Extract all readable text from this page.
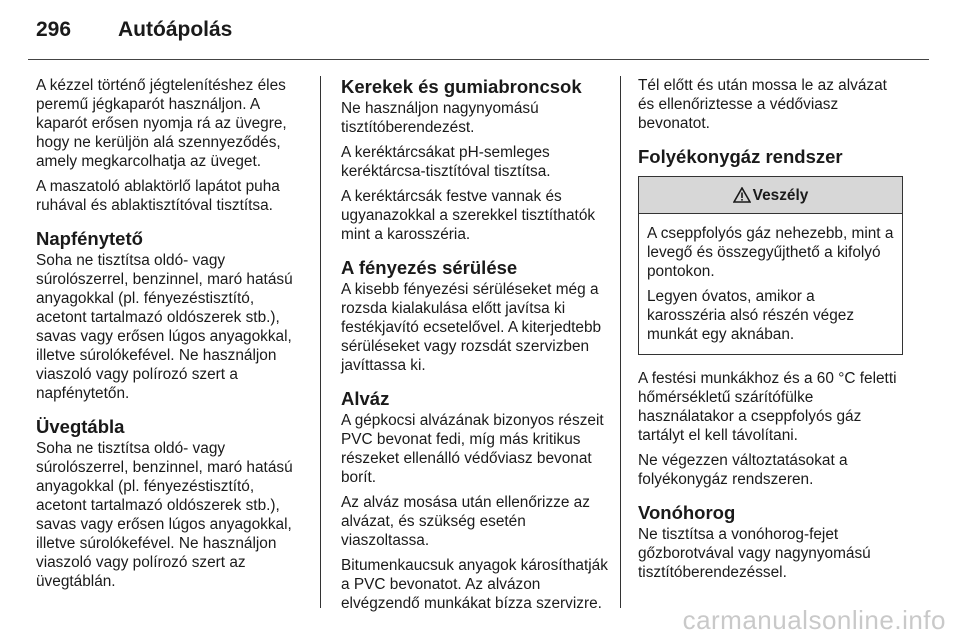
296	Autóápolás

A kézzel történő jégtelenítéshez éles peremű jégkaparót használjon. A kaparót erősen nyomja rá az üvegre, hogy ne kerüljön alá szennyeződés, amely megkarcolhatja az üveget.

A maszatoló ablaktörlő lapátot puha ruhával és ablaktisztítóval tisztítsa.

Napfénytető

Soha ne tisztítsa oldó- vagy súrolószerrel, benzinnel, maró hatású anyagokkal (pl. fényezéstisztító, acetont tartalmazó oldószerek stb.), savas vagy erősen lúgos anyagokkal, illetve súrolókefével. Ne használjon viaszoló vagy polírozó szert a napfénytetőn.

Üvegtábla

Soha ne tisztítsa oldó- vagy súrolószerrel, benzinnel, maró hatású anyagokkal (pl. fényezéstisztító, acetont tartalmazó oldószerek stb.), savas vagy erősen lúgos anyagokkal, illetve súrolókefével. Ne használjon viaszoló vagy polírozó szert az üvegtáblán.

Kerekek és gumiabroncsok

Ne használjon nagynyomású tisztítóberendezést.

A keréktárcsákat pH-semleges keréktárcsa-tisztítóval tisztítsa.

A keréktárcsák festve vannak és ugyanazokkal a szerekkel tisztíthatók mint a karosszéria.

A fényezés sérülése

A kisebb fényezési sérüléseket még a rozsda kialakulása előtt javítsa ki festékjavító ecsetelővel. A kiterjedtebb sérüléseket vagy rozsdát szervizben javíttassa ki.

Alváz

A gépkocsi alvázának bizonyos részeit PVC bevonat fedi, míg más kritikus részeket ellenálló védőviasz bevonat borít.

Az alváz mosása után ellenőrizze az alvázat, és szükség esetén viaszoltassa.

Bitumenkaucsuk anyagok károsíthatják a PVC bevonatot. Az alvázon elvégzendő munkákat bízza szervizre.

Tél előtt és után mossa le az alvázat és ellenőriztesse a védőviasz bevonatot.

Folyékonygáz rendszer
Veszély

A cseppfolyós gáz nehezebb, mint a levegő és összegyűjthető a kifolyó pontokon.

Legyen óvatos, amikor a karosszéria alsó részén végez munkát egy aknában.

A festési munkákhoz és a 60 °C feletti hőmérsékletű szárítófülke használatakor a cseppfolyós gáz tartályt el kell távolítani.

Ne végezzen változtatásokat a folyékonygáz rendszeren.

Vonóhorog

Ne tisztítsa a vonóhorog-fejet gőzborotvával vagy nagynyomású tisztítóberendezéssel.

carmanualsonline.info
